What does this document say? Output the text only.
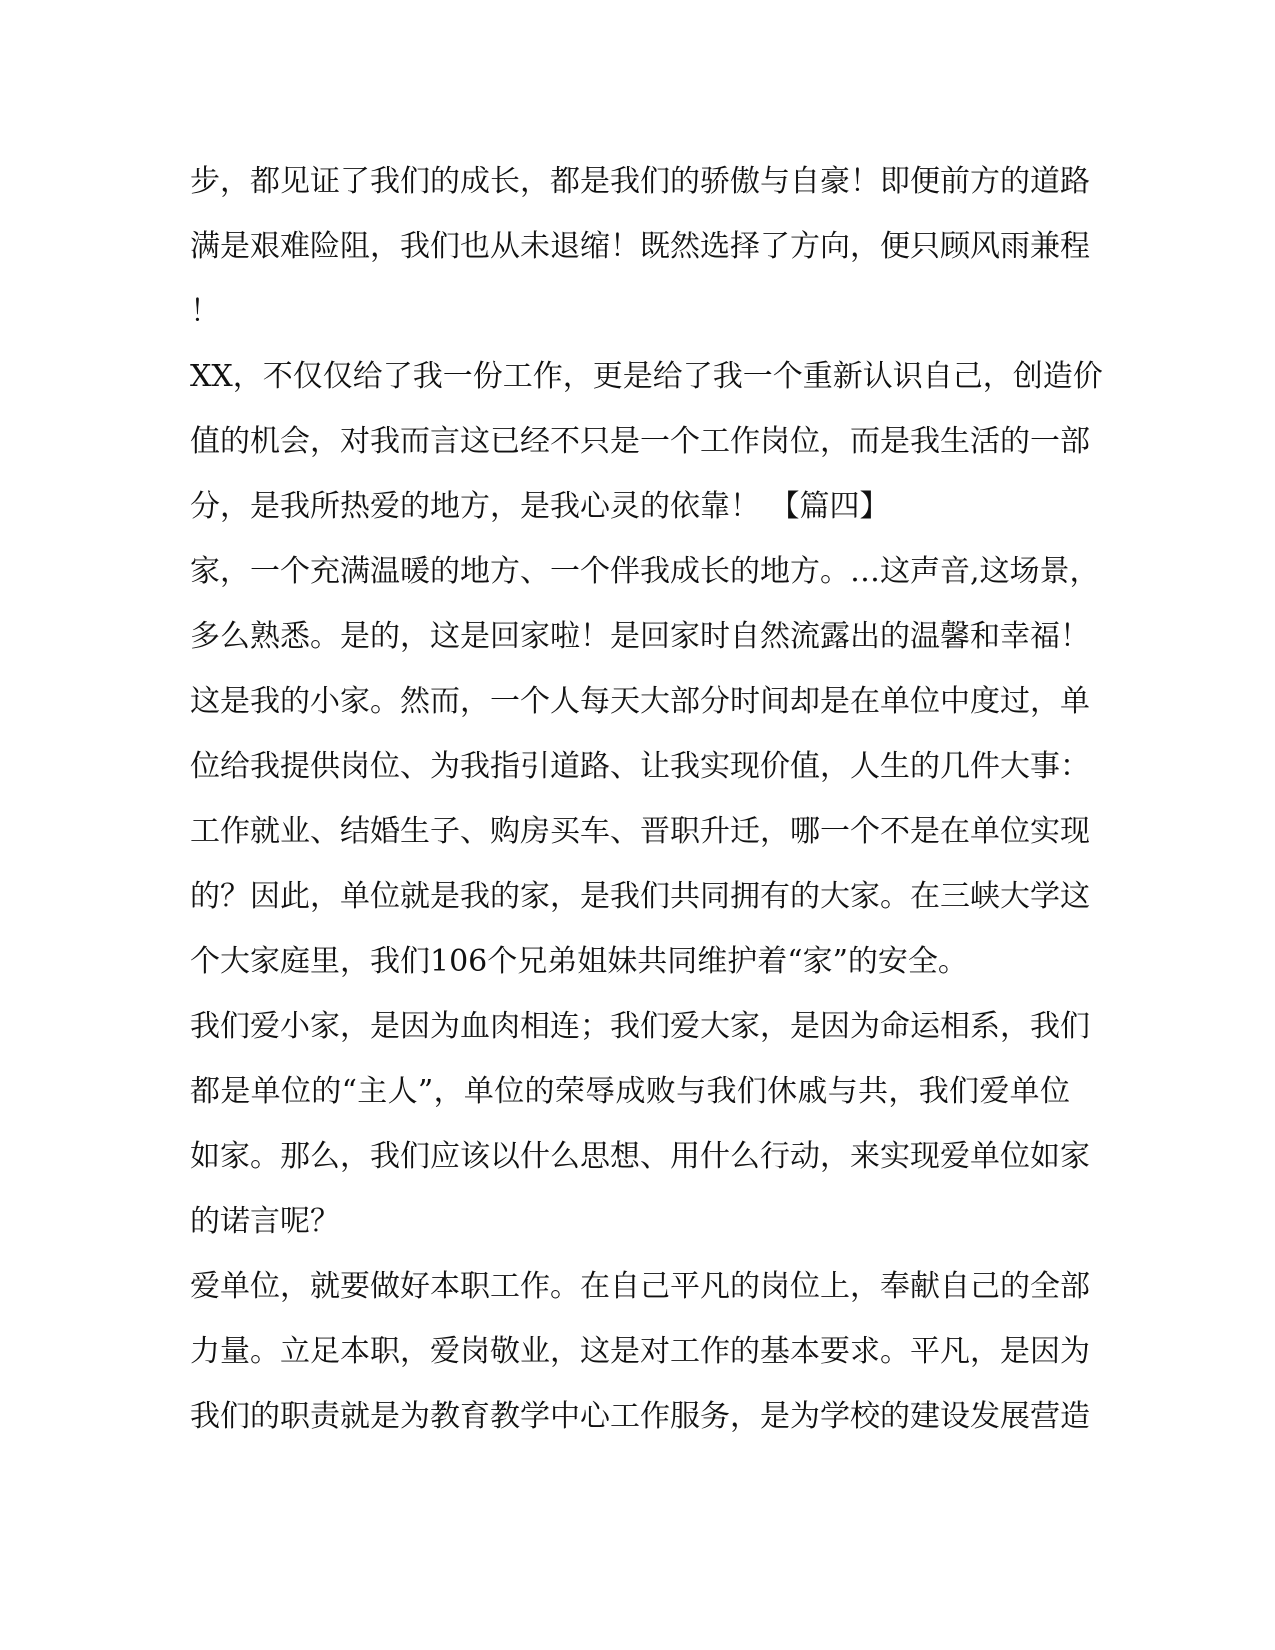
步，都见证了我们的成长，都是我们的骄傲与自豪！即便前方的道路
满是艰难险阻，我们也从未退缩！既然选择了方向，便只顾风雨兼程
！
XX，不仅仅给了我一份工作，更是给了我一个重新认识自己，创造价
值的机会，对我而言这已经不只是一个工作岗位，而是我生活的一部
分，是我所热爱的地方，是我心灵的依靠！ 【篇四】
家，一个充满温暖的地方、一个伴我成长的地方。…这声音,这场景，
多么熟悉。是的，这是回家啦！是回家时自然流露出的温馨和幸福！
这是我的小家。然而，一个人每天大部分时间却是在单位中度过，单
位给我提供岗位、为我指引道路、让我实现价值，人生的几件大事：
工作就业、结婚生子、购房买车、晋职升迁，哪一个不是在单位实现
的？因此，单位就是我的家，是我们共同拥有的大家。在三峡大学这
个大家庭里，我们106个兄弟姐妹共同维护着“家”的安全。
我们爱小家，是因为血肉相连；我们爱大家，是因为命运相系，我们
都是单位的“主人”，单位的荣辱成败与我们休戚与共，我们爱单位
如家。那么，我们应该以什么思想、用什么行动，来实现爱单位如家
的诺言呢？
爱单位，就要做好本职工作。在自己平凡的岗位上，奉献自己的全部
力量。立足本职，爱岗敬业，这是对工作的基本要求。平凡，是因为
我们的职责就是为教育教学中心工作服务，是为学校的建设发展营造
